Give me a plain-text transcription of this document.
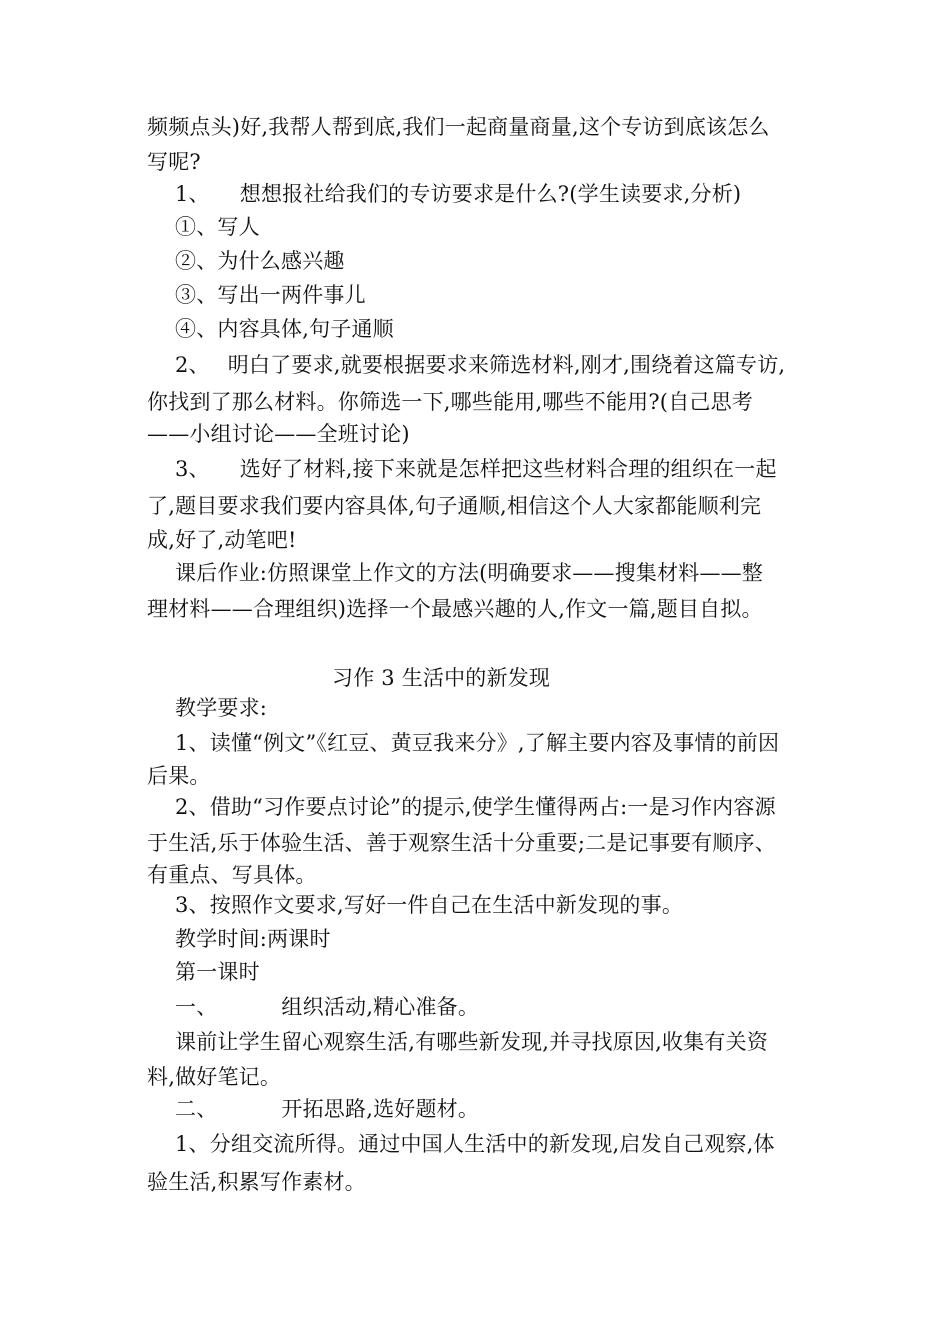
频频点头)好,我帮人帮到底,我们一起商量商量,这个专访到底该怎么
写呢?
1、 想想报社给我们的专访要求是什么?(学生读要求,分析)
①、写人
②、为什么感兴趣
③、写出一两件事儿
④、内容具体,句子通顺
2、 明白了要求,就要根据要求来筛选材料,刚才,围绕着这篇专访,
你找到了那么材料。你筛选一下,哪些能用,哪些不能用?(自己思考
——小组讨论——全班讨论)
3、 选好了材料,接下来就是怎样把这些材料合理的组织在一起
了,题目要求我们要内容具体,句子通顺,相信这个人大家都能顺利完
成,好了,动笔吧!
课后作业:仿照课堂上作文的方法(明确要求——搜集材料——整
理材料——合理组织)选择一个最感兴趣的人,作文一篇,题目自拟。
习作 3 生活中的新发现
教学要求:
1、读懂“例文”《红豆、黄豆我来分》,了解主要内容及事情的前因
后果。
2、借助“习作要点讨论”的提示,使学生懂得两占:一是习作内容源
于生活,乐于体验生活、善于观察生活十分重要;二是记事要有顺序、
有重点、写具体。
3、按照作文要求,写好一件自己在生活中新发现的事。
教学时间:两课时
第一课时
一、	组织活动,精心准备。
课前让学生留心观察生活,有哪些新发现,并寻找原因,收集有关资
料,做好笔记。
二、	开拓思路,选好题材。
1、分组交流所得。通过中国人生活中的新发现,启发自己观察,体
验生活,积累写作素材。
